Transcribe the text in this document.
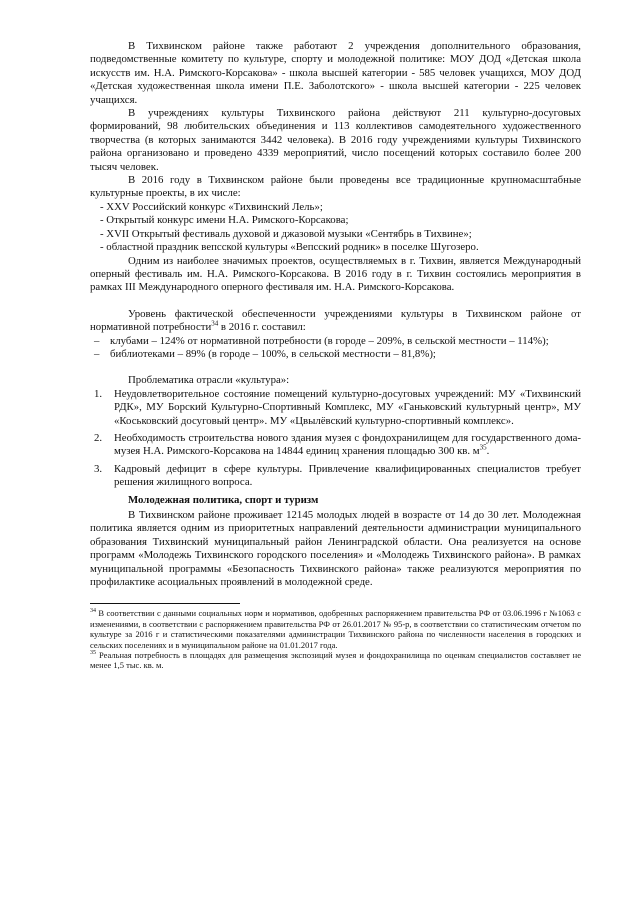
В Тихвинском районе также работают 2 учреждения дополнительного образования, подведомственные комитету по культуре, спорту и молодежной политике: МОУ ДОД «Детская школа искусств им. Н.А. Римского-Корсакова» - школа высшей категории - 585 человек учащихся, МОУ ДОД «Детская художественная школа имени П.Е. Заболотского» - школа высшей категории - 225 человек учащихся.

В учреждениях культуры Тихвинского района действуют 211 культурно-досуговых формирований, 98 любительских объединения и 113 коллективов самодеятельного художественного творчества (в которых занимаются 3442 человека). В 2016 году учреждениями культуры Тихвинского района организовано и проведено 4339 мероприятий, число посещений которых составило более 200 тысяч человек.

В 2016 году в Тихвинском районе были проведены все традиционные крупномасштабные культурные проекты, в их числе:

- XXV Российский конкурс «Тихвинский Лель»;

- Открытый конкурс имени Н.А. Римского-Корсакова;

- XVII Открытый фестиваль духовой и джазовой музыки «Сентябрь в Тихвине»;

- областной праздник вепсской культуры «Вепсский родник» в поселке Шугозеро.

Одним из наиболее значимых проектов, осуществляемых в г. Тихвин, является Международный оперный фестиваль им. Н.А. Римского-Корсакова. В 2016 году в г. Тихвин состоялись мероприятия в рамках III Международного оперного фестиваля им. Н.А. Римского-Корсакова.

Уровень фактической обеспеченности учреждениями культуры в Тихвинском районе от нормативной потребности$^{34}$ в 2016 г. составил:

– клубами – 124% от нормативной потребности (в городе – 209%, в сельской местности – 114%);
– библиотеками – 89% (в городе – 100%, в сельской местности – 81,8%);

Проблематика отрасли «культура»:

1. Неудовлетворительное состояние помещений культурно-досуговых учреждений: МУ «Тихвинский РДК», МУ Борский Культурно-Спортивный Комплекс, МУ «Ганьковский культурный центр», МУ «Коськовский досуговый центр». МУ «Цвылёвский культурно-спортивный комплекс».
2. Необходимость строительства нового здания музея с фондохранилищем для государственного дома-музея Н.А. Римского-Корсакова на 14844 единиц хранения площадью 300 кв. $м^{35}$.
3. Кадровый дефицит в сфере культуры. Привлечение квалифицированных специалистов требует решения жилищного вопроса.
Молодежная политика, спорт и туризм

В Тихвинском районе проживает 12145 молодых людей в возрасте от 14 до 30 лет. Молодежная политика является одним из приоритетных направлений деятельности администрации муниципального образования Тихвинский муниципальный район Ленинградской области. Она реализуется на основе программ «Молодежь Тихвинского городского поселения» и «Молодежь Тихвинского района». В рамках муниципальной программы «Безопасность Тихвинского района» также реализуются мероприятия по профилактике асоциальных проявлений в молодежной среде.

$^{34}$ В соответствии с данными социальных норм и нормативов, одобренных распоряжением правительства РФ от 03.06.1996 г №1063 с изменениями, в соответствии с распоряжением правительства РФ от 26.01.2017 № 95-р, в соответствии со статистическим отчетом по культуре за 2016 г и статистическими показателями администрации Тихвинского района по численности населения в городских и сельских поселениях и в муниципальном районе на 01.01.2017 года.

$^{35}$ Реальная потребность в площадях для размещения экспозиций музея и фондохранилища по оценкам специалистов составляет не менее 1,5 тыс. кв. м.
